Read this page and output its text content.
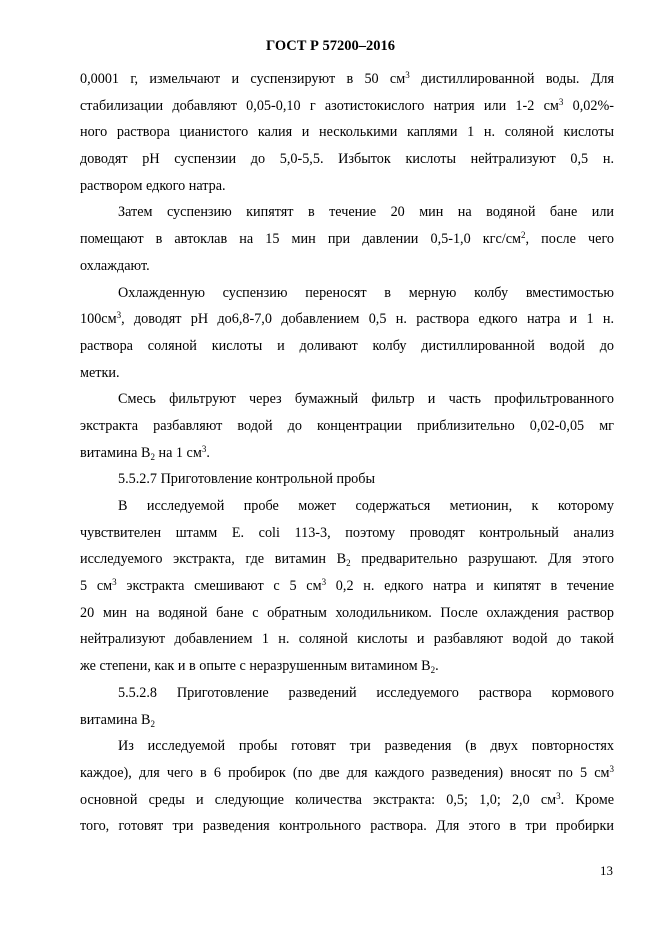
ГОСТ Р 57200–2016
0,0001 г, измельчают и суспензируют в 50 $см^3$ дистиллированной воды. Для
стабилизации добавляют 0,05-0,10 г азотистокислого натрия или 1-2 $см^3$ 0,02%-
ного раствора цианистого калия и несколькими каплями 1 н. соляной кислоты
доводят pH суспензии до 5,0-5,5. Избыток кислоты нейтрализуют 0,5 н.
раствором едкого натра.
Затем суспензию кипятят в течение 20 мин на водяной бане или
помещают в автоклав на 15 мин при давлении 0,5-1,0 кгс/$см^2$, после чего
охлаждают.
Охлажденную суспензию переносят в мерную колбу вместимостью
$100см^3$, доводят pH до6,8-7,0 добавлением 0,5 н. раствора едкого натра и 1 н.
раствора соляной кислоты и доливают колбу дистиллированной водой до
метки.
Смесь фильтруют через бумажный фильтр и часть профильтрованного
экстракта разбавляют водой до концентрации приблизительно 0,02-0,05 мг
витамина $В_2$ на 1 $см^3$.
5.5.2.7 Приготовление контрольной пробы
В исследуемой пробе может содержаться метионин, к которому
чувствителен штамм E. coli 113-3, поэтому проводят контрольный анализ
исследуемого экстракта, где витамин $В_2$ предварительно разрушают. Для этого
5 $см^3$ экстракта смешивают с 5 $см^3$ 0,2 н. едкого натра и кипятят в течение
20 мин на водяной бане с обратным холодильником. После охлаждения раствор
нейтрализуют добавлением 1 н. соляной кислоты и разбавляют водой до такой
же степени, как и в опыте с неразрушенным витамином $В_2$.
5.5.2.8 Приготовление разведений исследуемого раствора кормового
витамина $В_2$
Из исследуемой пробы готовят три разведения (в двух повторностях
каждое), для чего в 6 пробирок (по две для каждого разведения) вносят по 5 $см^3$
основной среды и следующие количества экстракта: 0,5; 1,0; 2,0 $см^3$. Кроме
того, готовят три разведения контрольного раствора. Для этого в три пробирки
13
